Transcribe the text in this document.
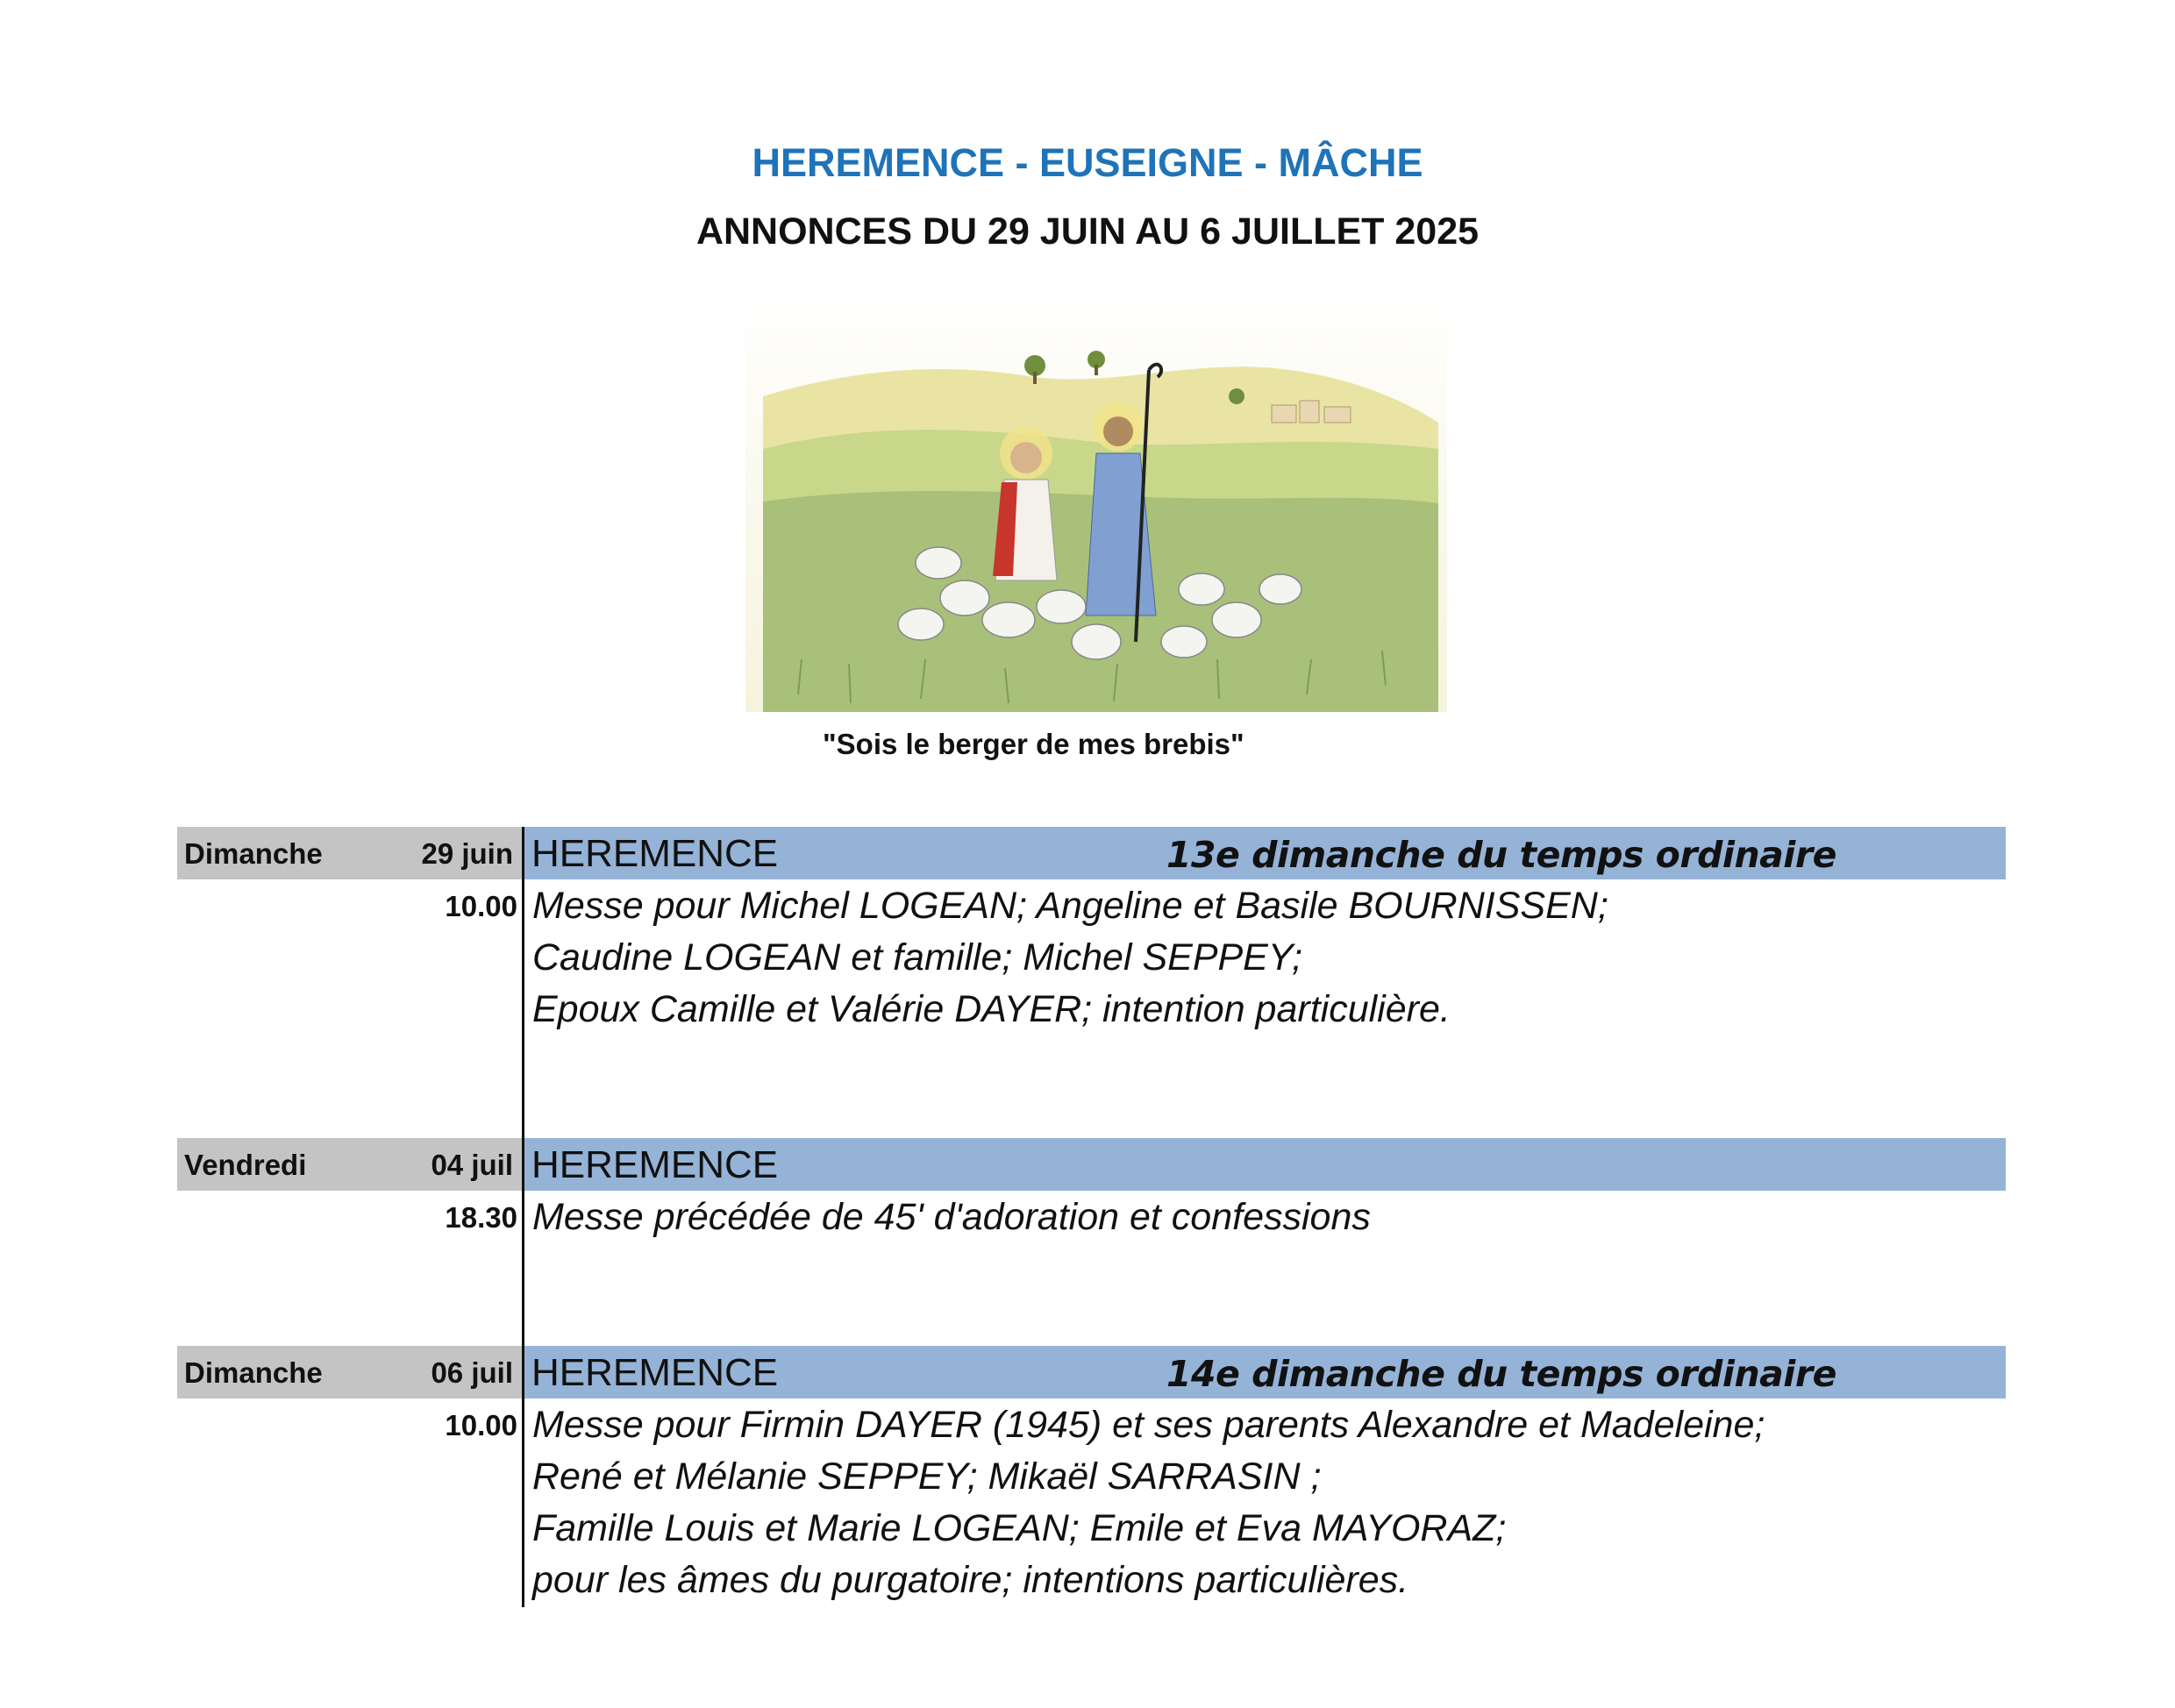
HEREMENCE - EUSEIGNE - MÂCHE
ANNONCES DU 29 JUIN AU 6 JUILLET 2025
"Sois le berger de mes brebis"
Dimanche	29 juin HEREMENCE	13e dimanche du temps ordinaire
10.00 Messe pour Michel LOGEAN; Angeline et Basile BOURNISSEN;
Caudine LOGEAN et famille; Michel SEPPEY;
Epoux Camille et Valérie DAYER; intention particulière.
Vendredi	04 juil HEREMENCE
18.30 Messe précédée de 45' d'adoration et confessions
Dimanche	06 juil HEREMENCE	14e dimanche du temps ordinaire
10.00 Messe pour Firmin DAYER (1945) et ses parents Alexandre et Madeleine;
René et Mélanie SEPPEY; Mikaël SARRASIN ;
Famille Louis et Marie LOGEAN; Emile et Eva MAYORAZ;
pour les âmes du purgatoire; intentions particulières.
